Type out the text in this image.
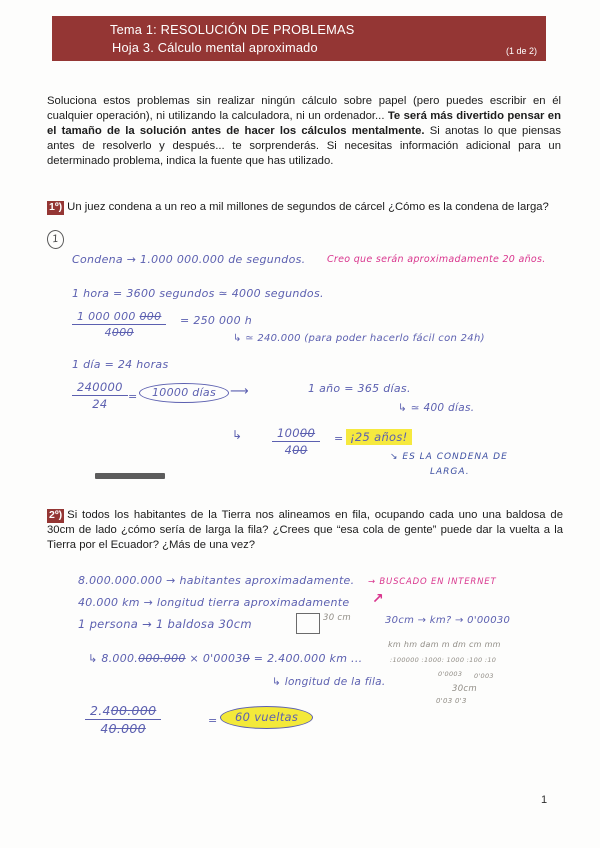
Tema 1: RESOLUCIÓN DE PROBLEMAS
Hoja 3. Cálculo mental aproximado	(1 de 2)
Soluciona estos problemas sin realizar ningún cálculo sobre papel (pero puedes escribir en él cualquier operación), ni utilizando la calculadora, ni un ordenador... Te será más divertido pensar en el tamaño de la solución antes de hacer los cálculos mentalmente. Si anotas lo que piensas antes de resolverlo y después... te sorprenderás. Si necesitas información adicional para un determinado problema, indica la fuente que has utilizado.
1º) Un juez condena a un reo a mil millones de segundos de cárcel ¿Cómo es la condena de larga?
1
Condena → 1.000 000.000 de segundos. Creo que serán aproximadamente 20 años.
1 hora = 3600 segundos ≃ 4000 segundos.
$\frac{1 000 000 000}{4000} = 250$ 000 h
↳ ≃ 240.000 (para poder hacerlo fácil con 24h)
1 día = 24 horas
$\frac{240000}{24}$ =	10000 días	⟶	1 año = 365 días.
↳ ≃ 400 días.
↳	$\frac{10000}{400}$ = ¡25 años!
↘ ES LA CONDENA DE
LARGA.
2º) Si todos los habitantes de la Tierra nos alineamos en fila, ocupando cada uno una baldosa de 30cm de lado ¿cómo sería de larga la fila? ¿Crees que “esa cola de gente” puede dar la vuelta a la Tierra por el Ecuador? ¿Más de una vez?
8.000.000.000 → habitantes aproximadamente. → BUSCADO EN INTERNET
40.000 km → longitud tierra aproximadamente ↗
1 persona → 1 baldosa 30cm	30 cm	30cm → km? → 0'00030
km hm dam m dm cm mm
:100000 :1000: 1000 :100 :10
↳ 8.000.000.000 × 0'00030 = 2.400.000 km ...
↳ longitud de la fila.
0'0003 0'003
30cm
0'03 0'3
$\frac{2.400.000}{40.000}$	=	60 vueltas
1
